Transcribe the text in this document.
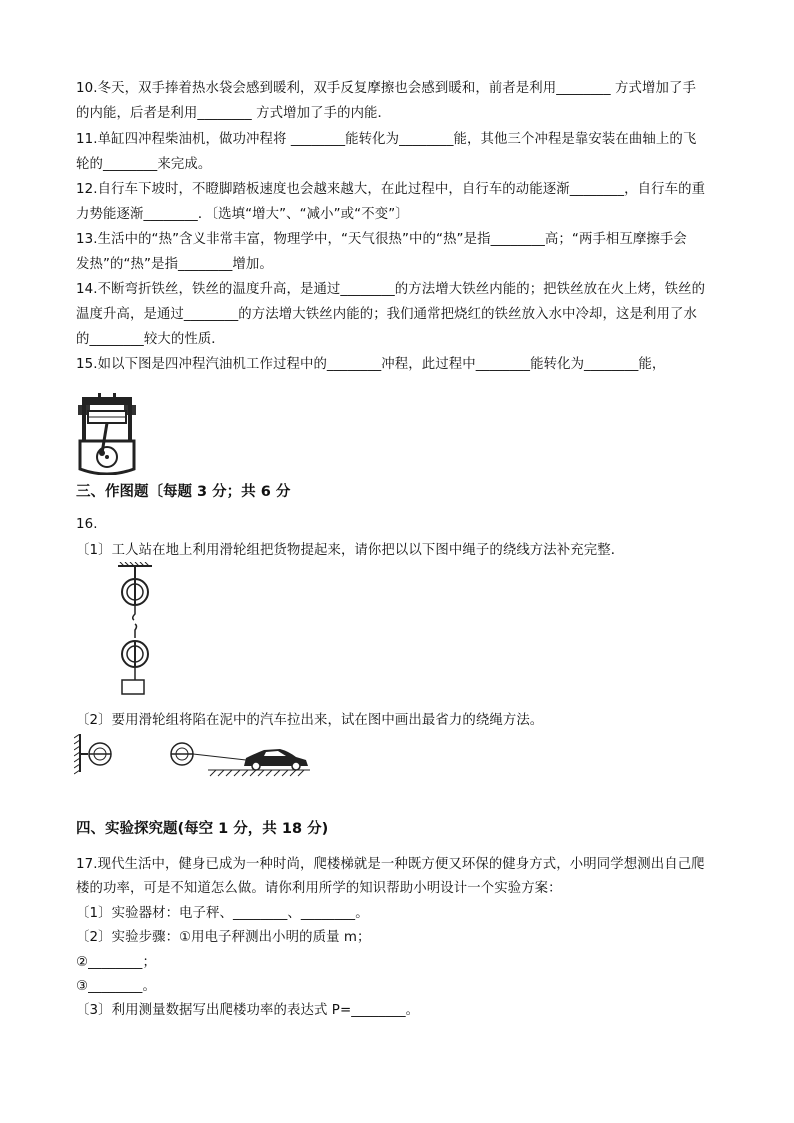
10.冬天，双手捧着热水袋会感到暖利，双手反复摩擦也会感到暖和，前者是利用________ 方式增加了手
的内能，后者是利用________ 方式增加了手的内能．
11.单缸四冲程柴油机，做功冲程将 ________能转化为________能，其他三个冲程是靠安装在曲轴上的飞
轮的________来完成。
12.自行车下坡时，不瞪脚踏板速度也会越来越大，在此过程中，自行车的动能逐渐________，自行车的重
力势能逐渐________．〔选填“增大”、“减小”或“不变”〕
13.生活中的“热”含义非常丰富，物理学中，“天气很热”中的“热”是指________高；“两手相互摩擦手会
发热”的“热”是指________增加。
14.不断弯折铁丝，铁丝的温度升高，是通过________的方法增大铁丝内能的；把铁丝放在火上烤，铁丝的
温度升高，是通过________的方法增大铁丝内能的；我们通常把烧红的铁丝放入水中冷却，这是利用了水
的________较大的性质．
15.如以下图是四冲程汽油机工作过程中的________冲程，此过程中________能转化为________能，
三、作图题〔每题 3 分；共 6 分
16.
〔1〕工人站在地上利用滑轮组把货物提起来，请你把以以下图中绳子的绕线方法补充完整．
〔2〕要用滑轮组将陷在泥中的汽车拉出来，试在图中画出最省力的绕绳方法。
四、实验探究题(每空 1 分，共 18 分)
17.现代生活中，健身已成为一种时尚，爬楼梯就是一种既方便又环保的健身方式，小明同学想测出自己爬
楼的功率，可是不知道怎么做。请你利用所学的知识帮助小明设计一个实验方案：
〔1〕实验器材：电子秤、________、________。
〔2〕实验步骤：①用电子秤测出小明的质量 m；
②________；
③________。
〔3〕利用测量数据写出爬楼功率的表达式 P=________。
